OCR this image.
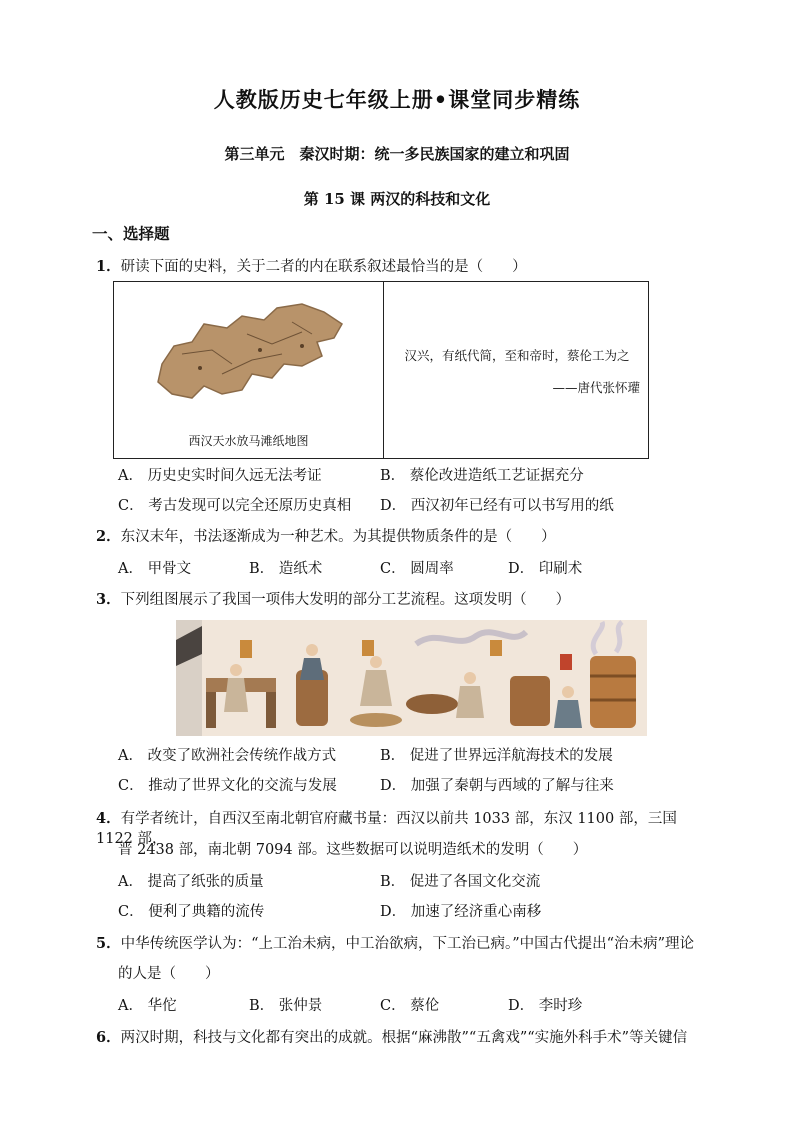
人教版历史七年级上册•课堂同步精练
第三单元　秦汉时期：统一多民族国家的建立和巩固
第 15 课 两汉的科技和文化
一、选择题
1．研读下面的史料，关于二者的内在联系叙述最恰当的是（　　）
西汉天水放马滩纸地图
汉兴，有纸代简，至和帝时，蔡伦工为之
——唐代张怀瓘
A． 历史史实时间久远无法考证	B． 蔡伦改进造纸工艺证据充分
C． 考古发现可以完全还原历史真相 D． 西汉初年已经有可以书写用的纸
2．东汉末年，书法逐渐成为一种艺术。为其提供物质条件的是（　　）
A． 甲骨文	B． 造纸术	C． 圆周率	D． 印刷术
3．下列组图展示了我国一项伟大发明的部分工艺流程。这项发明（　　）
A． 改变了欧洲社会传统作战方式	B． 促进了世界远洋航海技术的发展
C． 推动了世界文化的交流与发展	D． 加强了秦朝与西域的了解与往来
4．有学者统计，自西汉至南北朝官府藏书量：西汉以前共 1033 部，东汉 1100 部，三国 1122 部，
晋 2438 部，南北朝 7094 部。这些数据可以说明造纸术的发明（　　）
A． 提高了纸张的质量	B． 促进了各国文化交流
C． 便利了典籍的流传	D． 加速了经济重心南移
5．中华传统医学认为：“上工治未病，中工治欲病，下工治已病。”中国古代提出“治未病”理论
的人是（　　）
A． 华佗	B． 张仲景	C． 蔡伦	D． 李时珍
6．两汉时期，科技与文化都有突出的成就。根据“麻沸散”“五禽戏”“实施外科手术”等关键信
